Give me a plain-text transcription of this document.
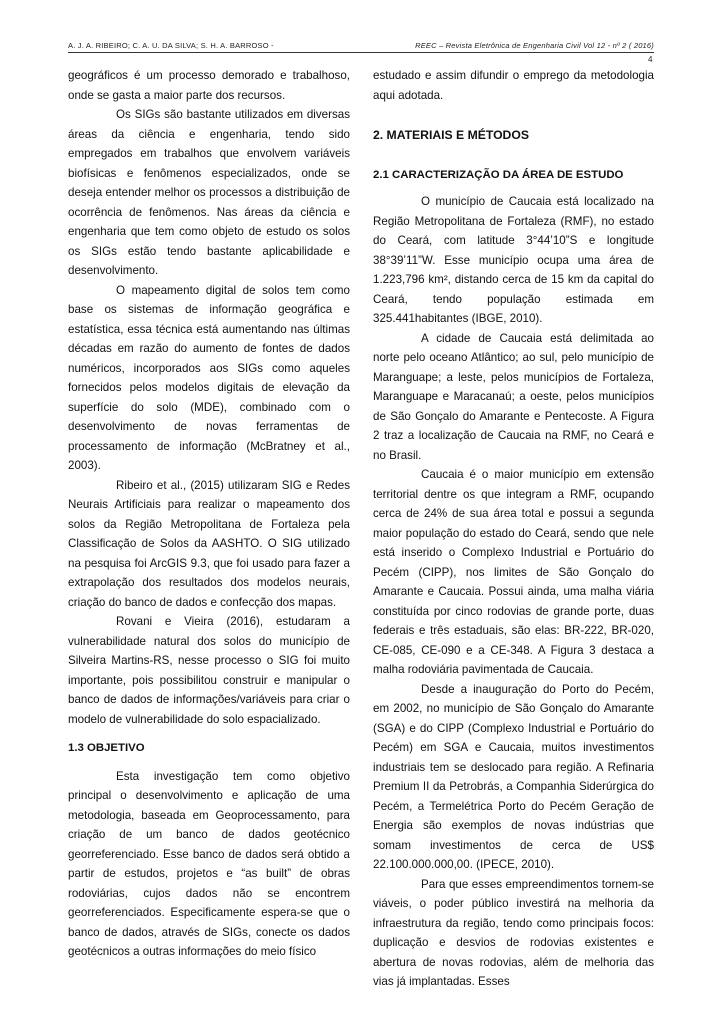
A. J. A. RIBEIRO; C. A. U. DA SILVA; S. H. A. BARROSO -	REEC – Revista Eletrônica de Engenharia Civil Vol 12 - nº 2 ( 2016)
4

geográficos é um processo demorado e trabalhoso, onde se gasta a maior parte dos recursos.

Os SIGs são bastante utilizados em diversas áreas da ciência e engenharia, tendo sido empregados em trabalhos que envolvem variáveis biofísicas e fenômenos especializados, onde se deseja entender melhor os processos a distribuição de ocorrência de fenômenos. Nas áreas da ciência e engenharia que tem como objeto de estudo os solos os SIGs estão tendo bastante aplicabilidade e desenvolvimento.

O mapeamento digital de solos tem como base os sistemas de informação geográfica e estatística, essa técnica está aumentando nas últimas décadas em razão do aumento de fontes de dados numéricos, incorporados aos SIGs como aqueles fornecidos pelos modelos digitais de elevação da superfície do solo (MDE), combinado com o desenvolvimento de novas ferramentas de processamento de informação (McBratney et al., 2003).

Ribeiro et al., (2015) utilizaram SIG e Redes Neurais Artificiais para realizar o mapeamento dos solos da Região Metropolitana de Fortaleza pela Classificação de Solos da AASHTO. O SIG utilizado na pesquisa foi ArcGIS 9.3, que foi usado para fazer a extrapolação dos resultados dos modelos neurais, criação do banco de dados e confecção dos mapas.

Rovani e Vieira (2016), estudaram a vulnerabilidade natural dos solos do município de Silveira Martins-RS, nesse processo o SIG foi muito importante, pois possibilitou construir e manipular o banco de dados de informações/variáveis para criar o modelo de vulnerabilidade do solo espacializado.

1.3 OBJETIVO

Esta investigação tem como objetivo principal o desenvolvimento e aplicação de uma metodologia, baseada em Geoprocessamento, para criação de um banco de dados geotécnico georreferenciado. Esse banco de dados será obtido a partir de estudos, projetos e “as built” de obras rodoviárias, cujos dados não se encontrem georreferenciados. Especificamente espera-se que o banco de dados, através de SIGs, conecte os dados geotécnicos a outras informações do meio físico

estudado e assim difundir o emprego da metodologia aqui adotada.

2. MATERIAIS E MÉTODOS

2.1 CARACTERIZAÇÃO DA ÁREA DE ESTUDO

O município de Caucaia está localizado na Região Metropolitana de Fortaleza (RMF), no estado do Ceará, com latitude 3°44’10”S e longitude 38°39’11”W. Esse município ocupa uma área de 1.223,796 km², distando cerca de 15 km da capital do Ceará, tendo população estimada em 325.441habitantes (IBGE, 2010).

A cidade de Caucaia está delimitada ao norte pelo oceano Atlântico; ao sul, pelo município de Maranguape; a leste, pelos municípios de Fortaleza, Maranguape e Maracanaú; a oeste, pelos municípios de São Gonçalo do Amarante e Pentecoste. A Figura 2 traz a localização de Caucaia na RMF, no Ceará e no Brasil.

Caucaia é o maior município em extensão territorial dentre os que integram a RMF, ocupando cerca de 24% de sua área total e possui a segunda maior população do estado do Ceará, sendo que nele está inserido o Complexo Industrial e Portuário do Pecém (CIPP), nos limites de São Gonçalo do Amarante e Caucaia. Possui ainda, uma malha viária constituída por cinco rodovias de grande porte, duas federais e três estaduais, são elas: BR-222, BR-020, CE-085, CE-090 e a CE-348. A Figura 3 destaca a malha rodoviária pavimentada de Caucaia.

Desde a inauguração do Porto do Pecém, em 2002, no município de São Gonçalo do Amarante (SGA) e do CIPP (Complexo Industrial e Portuário do Pecém) em SGA e Caucaia, muitos investimentos industriais tem se deslocado para região. A Refinaria Premium II da Petrobrás, a Companhia Siderúrgica do Pecém, a Termelétrica Porto do Pecém Geração de Energia são exemplos de novas indústrias que somam investimentos de cerca de US$ 22.100.000.000,00. (IPECE, 2010).

Para que esses empreendimentos tornem-se viáveis, o poder público investirá na melhoria da infraestrutura da região, tendo como principais focos: duplicação e desvios de rodovias existentes e abertura de novas rodovias, além de melhoria das vias já implantadas. Esses
